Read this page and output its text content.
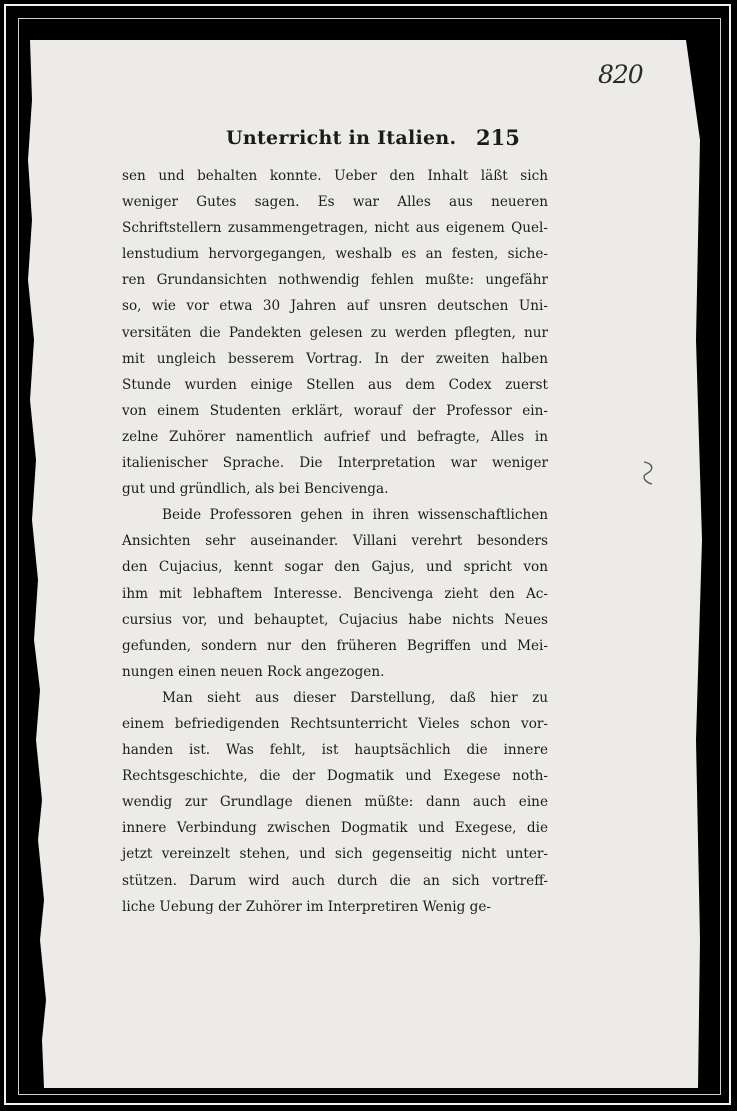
820
Unterricht in Italien. 215
sen und behalten konnte. Ueber den Inhalt läßt sich
weniger Gutes sagen. Es war Alles aus neueren
Schriftstellern zusammengetragen, nicht aus eigenem Quel-
lenstudium hervorgegangen, weshalb es an festen, siche-
ren Grundansichten nothwendig fehlen mußte: ungefähr
so, wie vor etwa 30 Jahren auf unsren deutschen Uni-
versitäten die Pandekten gelesen zu werden pflegten, nur
mit ungleich besserem Vortrag. In der zweiten halben
Stunde wurden einige Stellen aus dem Codex zuerst
von einem Studenten erklärt, worauf der Professor ein-
zelne Zuhörer namentlich aufrief und befragte, Alles in
italienischer Sprache. Die Interpretation war weniger
gut und gründlich, als bei Bencivenga.
Beide Professoren gehen in ihren wissenschaftlichen
Ansichten sehr auseinander. Villani verehrt besonders
den Cujacius, kennt sogar den Gajus, und spricht von
ihm mit lebhaftem Interesse. Bencivenga zieht den Ac-
cursius vor, und behauptet, Cujacius habe nichts Neues
gefunden, sondern nur den früheren Begriffen und Mei-
nungen einen neuen Rock angezogen.
Man sieht aus dieser Darstellung, daß hier zu
einem befriedigenden Rechtsunterricht Vieles schon vor-
handen ist. Was fehlt, ist hauptsächlich die innere
Rechtsgeschichte, die der Dogmatik und Exegese noth-
wendig zur Grundlage dienen müßte: dann auch eine
innere Verbindung zwischen Dogmatik und Exegese, die
jetzt vereinzelt stehen, und sich gegenseitig nicht unter-
stützen. Darum wird auch durch die an sich vortreff-
liche Uebung der Zuhörer im Interpretiren Wenig ge-
